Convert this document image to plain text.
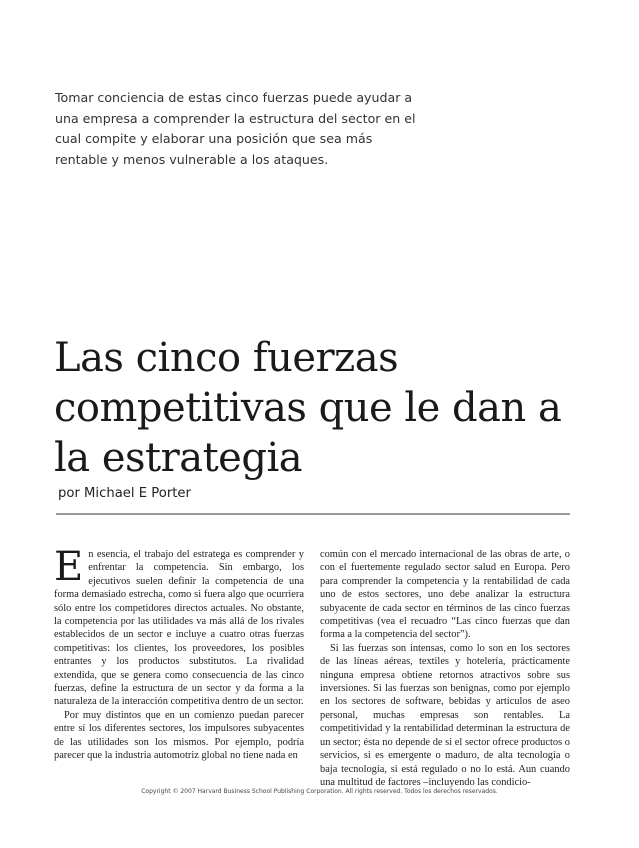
Tomar conciencia de estas cinco fuerzas puede ayudar a una empresa a comprender la estructura del sector en el cual compite y elaborar una posición que sea más rentable y menos vulnerable a los ataques.
Las cinco fuerzas competitivas que le dan a la estrategia
por Michael E Porter

En esencia, el trabajo del estratega es comprender y enfrentar la competencia. Sin embargo, los ejecutivos suelen definir la competencia de una forma demasiado estrecha, como si fuera algo que ocurriera sólo entre los competidores directos actuales. No obstante, la competencia por las utilidades va más allá de los rivales establecidos de un sector e incluye a cuatro otras fuerzas competitivas: los clientes, los proveedores, los posibles entrantes y los productos substitutos. La rivalidad extendida, que se genera como consecuencia de las cinco fuerzas, define la estructura de un sector y da forma a la naturaleza de la interacción competitiva dentro de un sector.

Por muy distintos que en un comienzo puedan parecer entre sí los diferentes sectores, los impulsores subyacentes de las utilidades son los mismos. Por ejemplo, podría parecer que la industria automotriz global no tiene nada en

común con el mercado internacional de las obras de arte, o con el fuertemente regulado sector salud en Europa. Pero para comprender la competencia y la rentabilidad de cada uno de estos sectores, uno debe analizar la estructura subyacente de cada sector en términos de las cinco fuerzas competitivas (vea el recuadro “Las cinco fuerzas que dan forma a la competencia del sector”).

Si las fuerzas son intensas, como lo son en los sectores de las líneas aéreas, textiles y hotelería, prácticamente ninguna empresa obtiene retornos atractivos sobre sus inversiones. Si las fuerzas son benignas, como por ejemplo en los sectores de software, bebidas y artículos de aseo personal, muchas empresas son rentables. La competitividad y la rentabilidad determinan la estructura de un sector; ésta no depende de si el sector ofrece productos o servicios, si es emergente o maduro, de alta tecnología o baja tecnología, si está regulado o no lo está. Aun cuando una multitud de factores –incluyendo las condicio-

Copyright © 2007 Harvard Business School Publishing Corporation. All rights reserved. Todos los derechos reservados.
